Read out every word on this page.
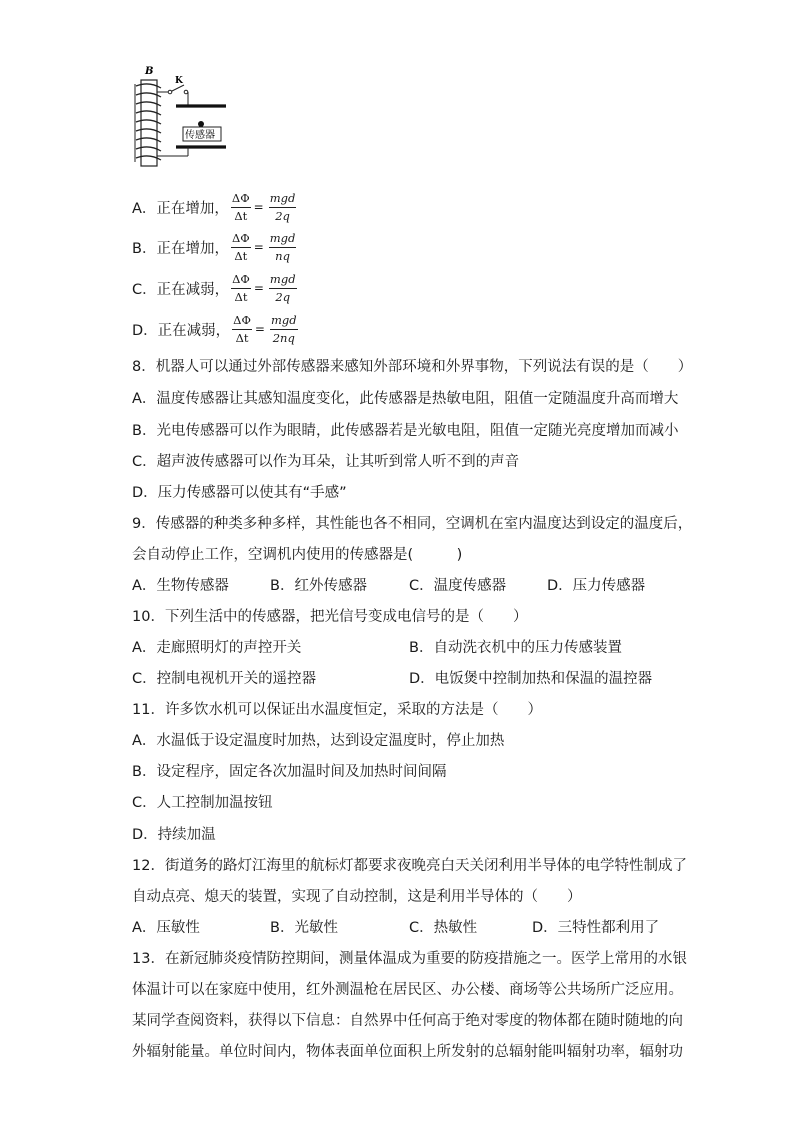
B
K
传感器
A．正在增加， $\frac{\Delta\Phi}{\Delta t} = \frac{\text{mgd}}{2q}$
B．正在增加， $\frac{\Delta\Phi}{\Delta t} = \frac{\text{mgd}}{nq}$
C．正在减弱， $\frac{\Delta\Phi}{\Delta t} = \frac{\text{mgd}}{2q}$
D．正在减弱， $\frac{\Delta\Phi}{\Delta t} = \frac{\text{mgd}}{2nq}$
8．机器人可以通过外部传感器来感知外部环境和外界事物，下列说法有误的是（　　）
A．温度传感器让其感知温度变化，此传感器是热敏电阻，阻值一定随温度升高而增大
B．光电传感器可以作为眼睛，此传感器若是光敏电阻，阻值一定随光亮度增加而减小
C．超声波传感器可以作为耳朵，让其听到常人听不到的声音
D．压力传感器可以使其有“手感”
9．传感器的种类多种多样，其性能也各不相同，空调机在室内温度达到设定的温度后，
会自动停止工作，空调机内使用的传感器是(　　　)
A．生物传感器	B．红外传感器	C．温度传感器	D．压力传感器
10．下列生活中的传感器，把光信号变成电信号的是（　　）
A．走廊照明灯的声控开关	B．自动洗衣机中的压力传感装置
C．控制电视机开关的遥控器	D．电饭煲中控制加热和保温的温控器
11．许多饮水机可以保证出水温度恒定，采取的方法是（　　）
A．水温低于设定温度时加热，达到设定温度时，停止加热
B．设定程序，固定各次加温时间及加热时间间隔
C．人工控制加温按钮
D．持续加温
12．街道务的路灯江海里的航标灯都要求夜晚亮白天关闭利用半导体的电学特性制成了
自动点亮、熄天的装置，实现了自动控制，这是利用半导体的（　　）
A．压敏性	B．光敏性	C．热敏性	D．三特性都利用了
13．在新冠肺炎疫情防控期间，测量体温成为重要的防疫措施之一。医学上常用的水银
体温计可以在家庭中使用，红外测温枪在居民区、办公楼、商场等公共场所广泛应用。
某同学查阅资料，获得以下信息：自然界中任何高于绝对零度的物体都在随时随地的向
外辐射能量。单位时间内，物体表面单位面积上所发射的总辐射能叫辐射功率，辐射功
